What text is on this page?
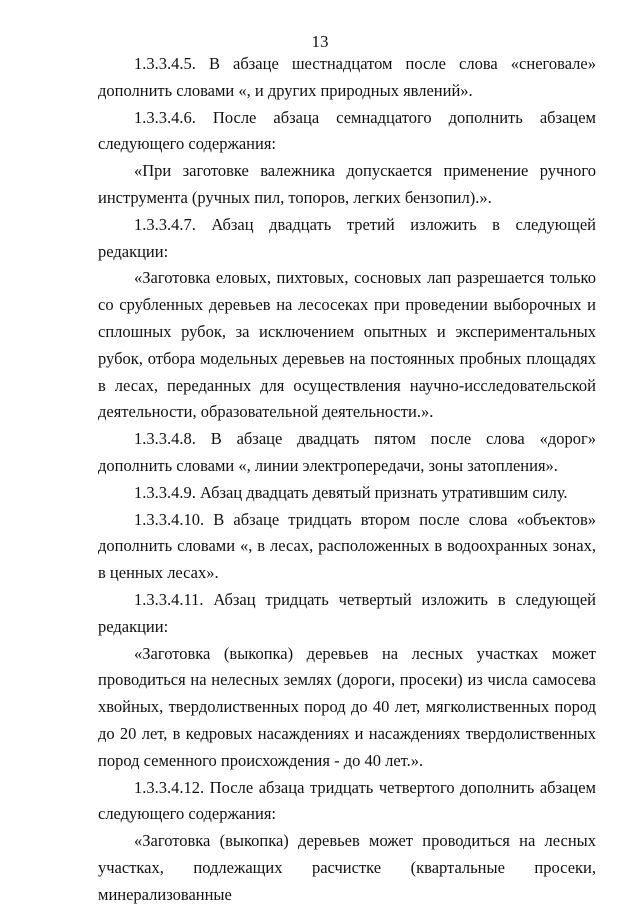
13

1.3.3.4.5. В абзаце шестнадцатом после слова «снеговале» дополнить словами «, и других природных явлений».

1.3.3.4.6. После абзаца семнадцатого дополнить абзацем следующего содержания:

«При заготовке валежника допускается применение ручного инструмента (ручных пил, топоров, легких бензопил).».

1.3.3.4.7. Абзац двадцать третий изложить в следующей редакции:

«Заготовка еловых, пихтовых, сосновых лап разрешается только со срубленных деревьев на лесосеках при проведении выборочных и сплошных рубок, за исключением опытных и экспериментальных рубок, отбора модельных деревьев на постоянных пробных площадях в лесах, переданных для осуществления научно-исследовательской деятельности, образовательной деятельности.».

1.3.3.4.8. В абзаце двадцать пятом после слова «дорог» дополнить словами «, линии электропередачи, зоны затопления».

1.3.3.4.9. Абзац двадцать девятый признать утратившим силу.

1.3.3.4.10. В абзаце тридцать втором после слова «объектов» дополнить словами «, в лесах, расположенных в водоохранных зонах, в ценных лесах».

1.3.3.4.11. Абзац тридцать четвертый изложить в следующей редакции:

«Заготовка (выкопка) деревьев на лесных участках может проводиться на нелесных землях (дороги, просеки) из числа самосева хвойных, твердолиственных пород до 40 лет, мягколиственных пород до 20 лет, в кедровых насаждениях и насаждениях твердолиственных пород семенного происхождения - до 40 лет.».

1.3.3.4.12. После абзаца тридцать четвертого дополнить абзацем следующего содержания:

«Заготовка (выкопка) деревьев может проводиться на лесных участках, подлежащих расчистке (квартальные просеки, минерализованные
